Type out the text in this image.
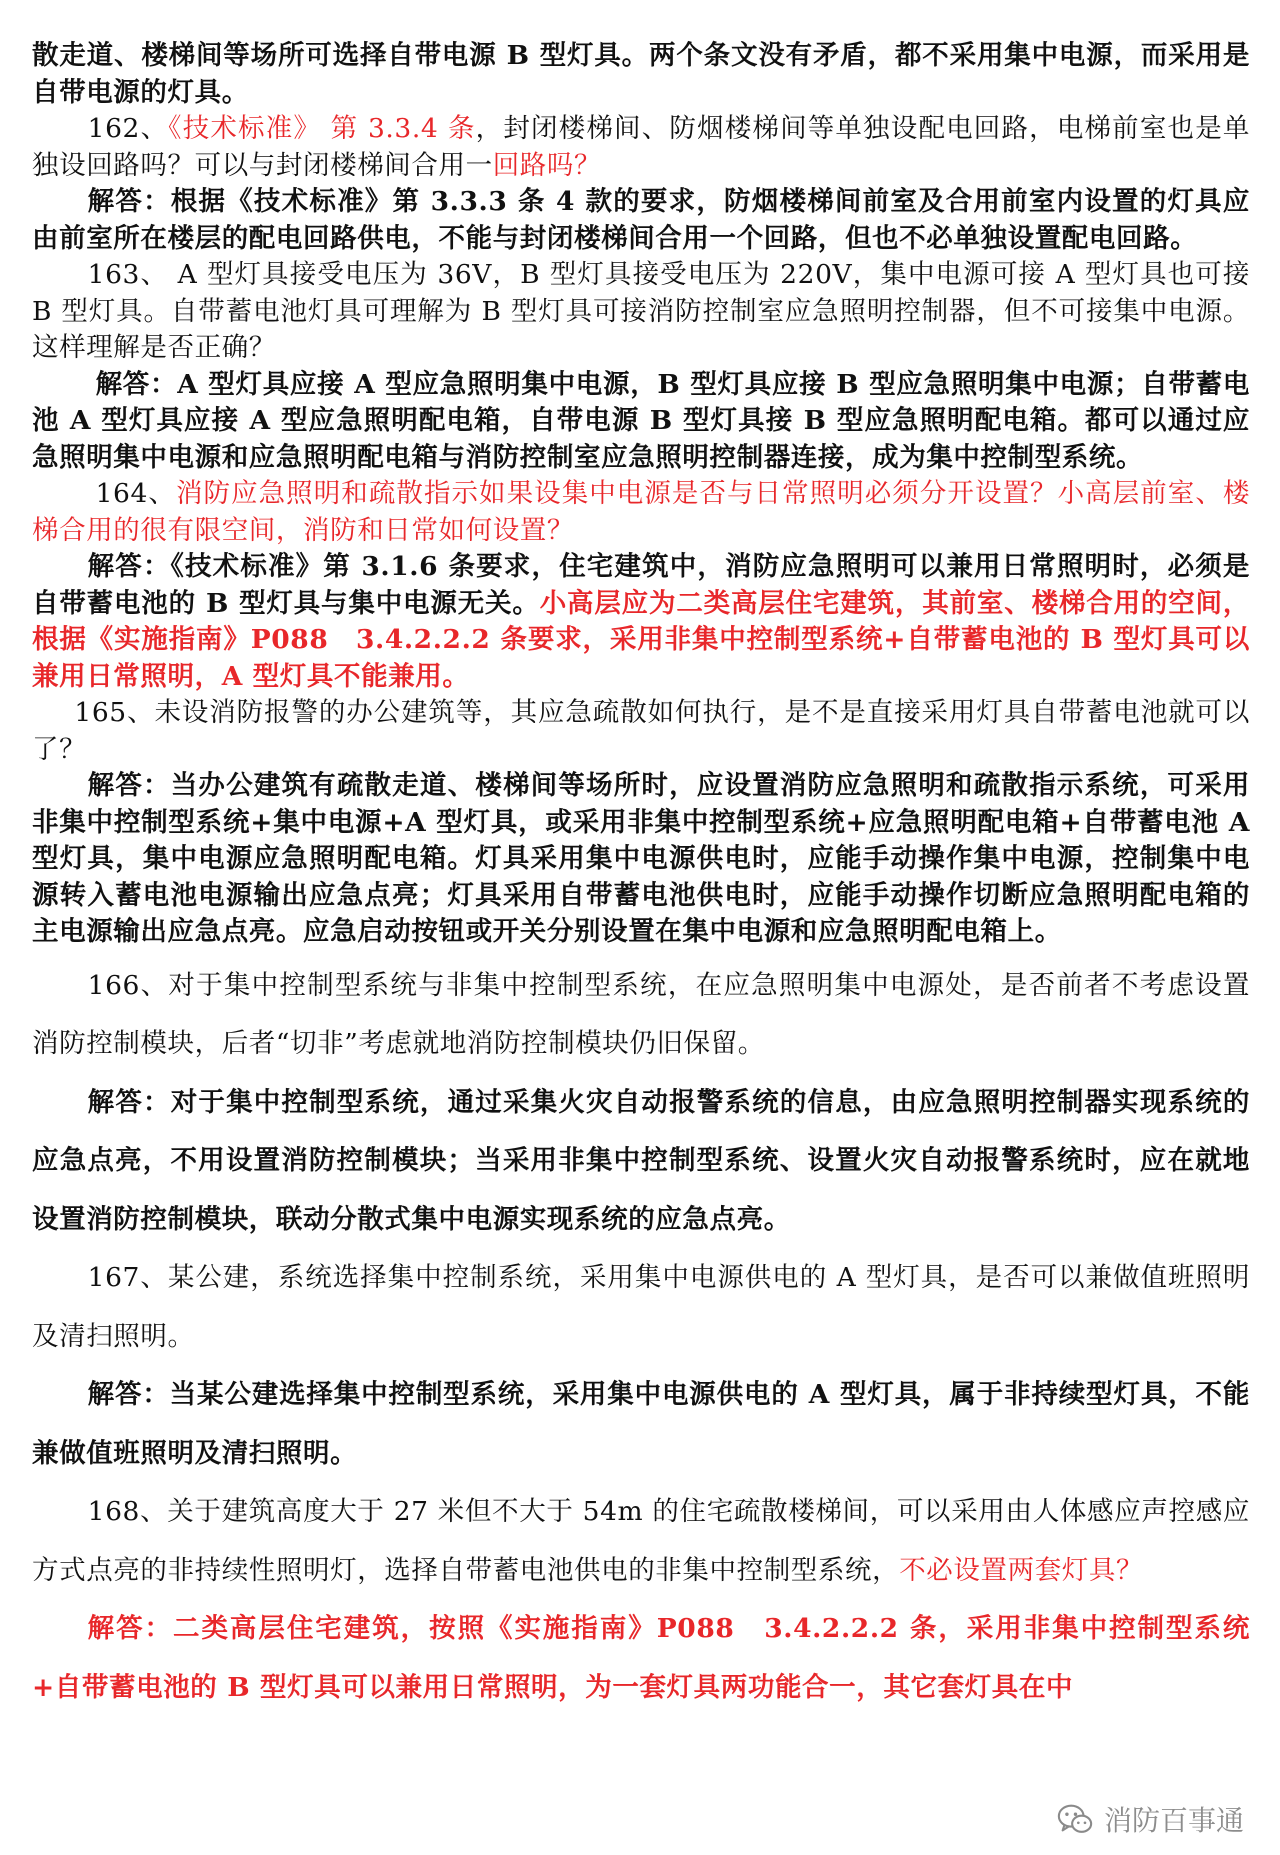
散走道、楼梯间等场所可选择自带电源 B 型灯具。两个条文没有矛盾，都不采用集中电源，而采用是自带电源的灯具。

162、《技术标准》 第 3.3.4 条，封闭楼梯间、防烟楼梯间等单独设配电回路，电梯前室也是单独设回路吗？可以与封闭楼梯间合用一回路吗？

解答：根据《技术标准》第 3.3.3 条 4 款的要求，防烟楼梯间前室及合用前室内设置的灯具应由前室所在楼层的配电回路供电，不能与封闭楼梯间合用一个回路，但也不必单独设置配电回路。

163、 A 型灯具接受电压为 36V，B 型灯具接受电压为 220V，集中电源可接 A 型灯具也可接 B 型灯具。自带蓄电池灯具可理解为 B 型灯具可接消防控制室应急照明控制器，但不可接集中电源。这样理解是否正确？

解答：A 型灯具应接 A 型应急照明集中电源，B 型灯具应接 B 型应急照明集中电源；自带蓄电池 A 型灯具应接 A 型应急照明配电箱，自带电源 B 型灯具接 B 型应急照明配电箱。都可以通过应急照明集中电源和应急照明配电箱与消防控制室应急照明控制器连接，成为集中控制型系统。

164、消防应急照明和疏散指示如果设集中电源是否与日常照明必须分开设置？小高层前室、楼梯合用的很有限空间，消防和日常如何设置？

解答：《技术标准》第 3.1.6 条要求，住宅建筑中，消防应急照明可以兼用日常照明时，必须是自带蓄电池的 B 型灯具与集中电源无关。小高层应为二类高层住宅建筑，其前室、楼梯合用的空间，根据《实施指南》P088　3.4.2.2.2 条要求，采用非集中控制型系统+自带蓄电池的 B 型灯具可以兼用日常照明，A 型灯具不能兼用。

165、未设消防报警的办公建筑等，其应急疏散如何执行，是不是直接采用灯具自带蓄电池就可以了？

解答：当办公建筑有疏散走道、楼梯间等场所时，应设置消防应急照明和疏散指示系统，可采用非集中控制型系统+集中电源+A 型灯具，或采用非集中控制型系统+应急照明配电箱+自带蓄电池 A 型灯具，集中电源应急照明配电箱。灯具采用集中电源供电时，应能手动操作集中电源，控制集中电源转入蓄电池电源输出应急点亮；灯具采用自带蓄电池供电时，应能手动操作切断应急照明配电箱的主电源输出应急点亮。应急启动按钮或开关分别设置在集中电源和应急照明配电箱上。

166、对于集中控制型系统与非集中控制型系统，在应急照明集中电源处，是否前者不考虑设置消防控制模块，后者“切非”考虑就地消防控制模块仍旧保留。

解答：对于集中控制型系统，通过采集火灾自动报警系统的信息，由应急照明控制器实现系统的应急点亮，不用设置消防控制模块；当采用非集中控制型系统、设置火灾自动报警系统时，应在就地设置消防控制模块，联动分散式集中电源实现系统的应急点亮。

167、某公建，系统选择集中控制系统，采用集中电源供电的 A 型灯具，是否可以兼做值班照明及清扫照明。

解答：当某公建选择集中控制型系统，采用集中电源供电的 A 型灯具，属于非持续型灯具，不能兼做值班照明及清扫照明。

168、关于建筑高度大于 27 米但不大于 54m 的住宅疏散楼梯间，可以采用由人体感应声控感应方式点亮的非持续性照明灯，选择自带蓄电池供电的非集中控制型系统，不必设置两套灯具？

解答：二类高层住宅建筑，按照《实施指南》P088　3.4.2.2.2 条，采用非集中控制型系统+自带蓄电池的 B 型灯具可以兼用日常照明，为一套灯具两功能合一，其它套灯具在中

消防百事通
